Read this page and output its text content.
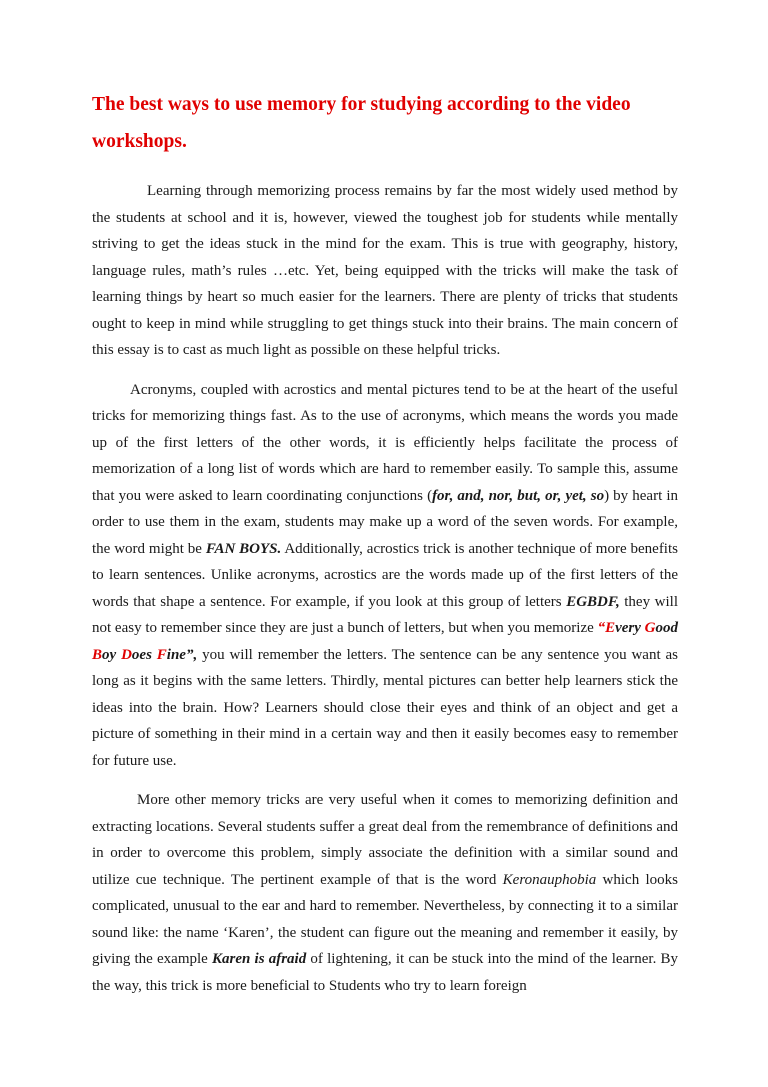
The best ways to use memory for studying according to the video workshops.

Learning through memorizing process remains by far the most widely used method by the students at school and it is, however, viewed the toughest job for students while mentally striving to get the ideas stuck in the mind for the exam. This is true with geography, history, language rules, math’s rules …etc. Yet, being equipped with the tricks will make the task of learning things by heart so much easier for the learners. There are plenty of tricks that students ought to keep in mind while struggling to get things stuck into their brains. The main concern of this essay is to cast as much light as possible on these helpful tricks.

Acronyms, coupled with acrostics and mental pictures tend to be at the heart of the useful tricks for memorizing things fast. As to the use of acronyms, which means the words you made up of the first letters of the other words, it is efficiently helps facilitate the process of memorization of a long list of words which are hard to remember easily. To sample this, assume that you were asked to learn coordinating conjunctions (for, and, nor, but, or, yet, so) by heart in order to use them in the exam, students may make up a word of the seven words. For example, the word might be FAN BOYS. Additionally, acrostics trick is another technique of more benefits to learn sentences. Unlike acronyms, acrostics are the words made up of the first letters of the words that shape a sentence. For example, if you look at this group of letters EGBDF, they will not easy to remember since they are just a bunch of letters, but when you memorize “Every Good Boy Does Fine”, you will remember the letters. The sentence can be any sentence you want as long as it begins with the same letters. Thirdly, mental pictures can better help learners stick the ideas into the brain. How? Learners should close their eyes and think of an object and get a picture of something in their mind in a certain way and then it easily becomes easy to remember for future use.

More other memory tricks are very useful when it comes to memorizing definition and extracting locations. Several students suffer a great deal from the remembrance of definitions and in order to overcome this problem, simply associate the definition with a similar sound and utilize cue technique. The pertinent example of that is the word Keronauphobia which looks complicated, unusual to the ear and hard to remember. Nevertheless, by connecting it to a similar sound like: the name ‘Karen’, the student can figure out the meaning and remember it easily, by giving the example Karen is afraid of lightening, it can be stuck into the mind of the learner. By the way, this trick is more beneficial to Students who try to learn foreign
